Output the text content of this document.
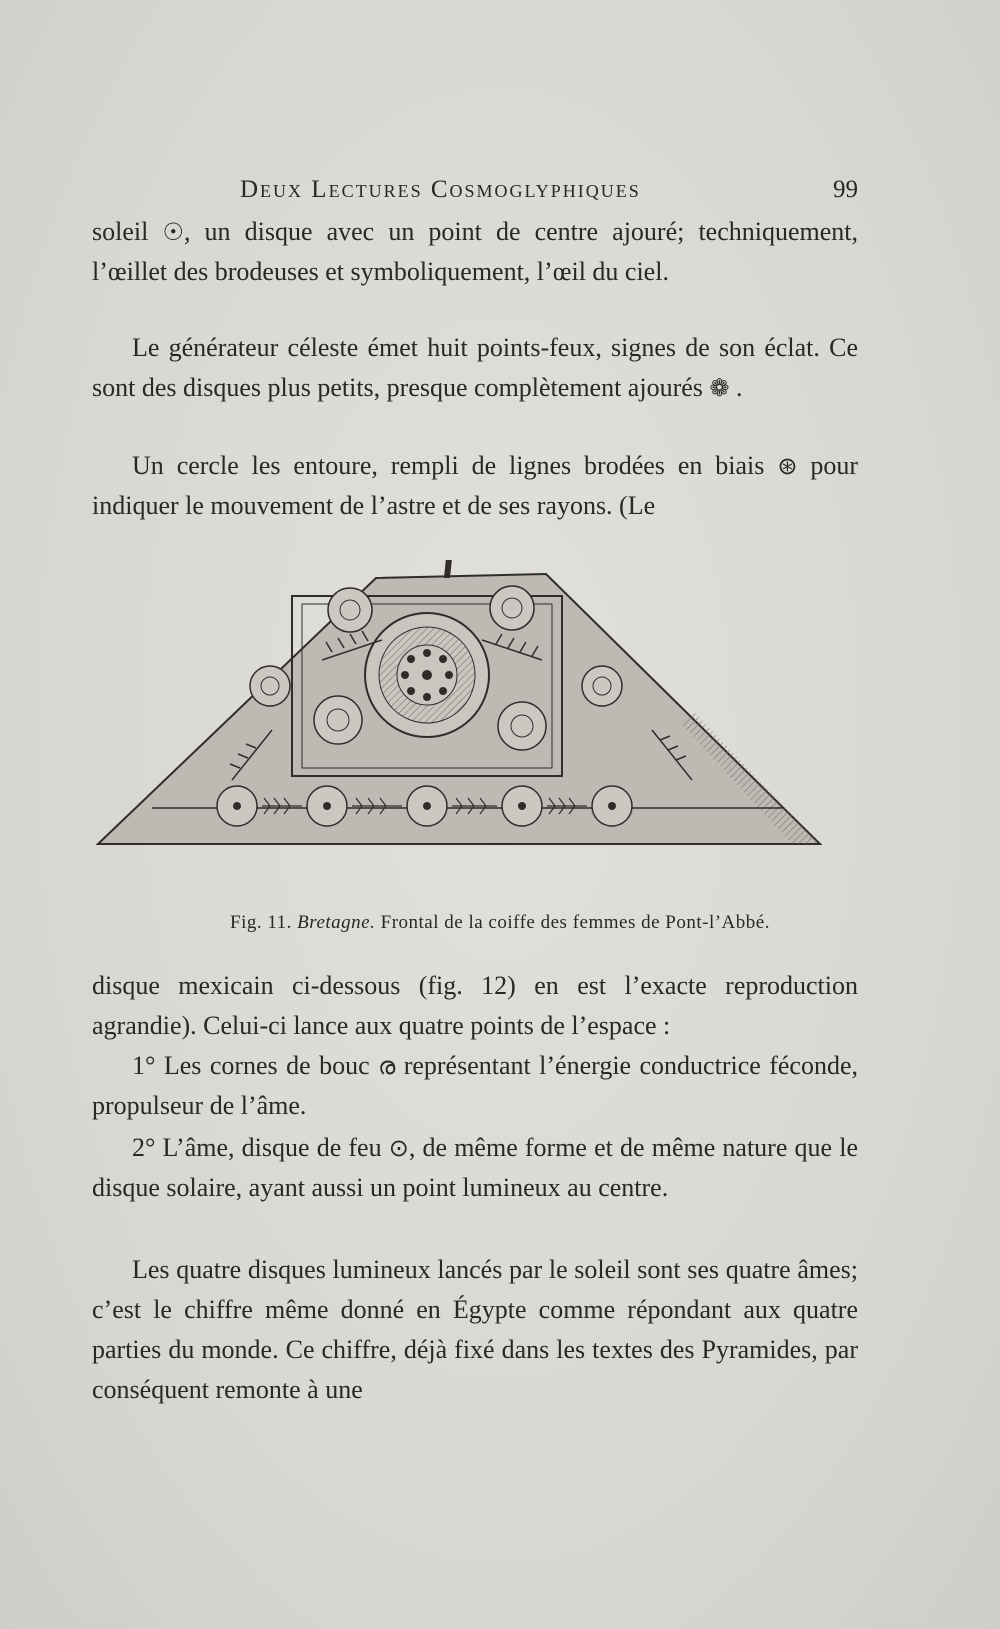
Deux Lectures Cosmoglyphiques	99

soleil ☉, un disque avec un point de centre ajouré; techniquement, l’œillet des brodeuses et symboliquement, l’œil du ciel.

Le générateur céleste émet huit points-feux, signes de son éclat. Ce sont des disques plus petits, presque complètement ajourés ❁ .

Un cercle les entoure, rempli de lignes brodées en biais ⊛ pour indiquer le mouvement de l’astre et de ses rayons. (Le

Fig. 11. Bretagne. Frontal de la coiffe des femmes de Pont-l’Abbé.

disque mexicain ci-dessous (fig. 12) en est l’exacte reproduction agrandie). Celui-ci lance aux quatre points de l’espace :

1° Les cornes de bouc ര représentant l’énergie conductrice féconde, propulseur de l’âme.

2° L’âme, disque de feu ⊙, de même forme et de même nature que le disque solaire, ayant aussi un point lumineux au centre.

Les quatre disques lumineux lancés par le soleil sont ses quatre âmes; c’est le chiffre même donné en Égypte comme répondant aux quatre parties du monde. Ce chiffre, déjà fixé dans les textes des Pyramides, par conséquent remonte à une
